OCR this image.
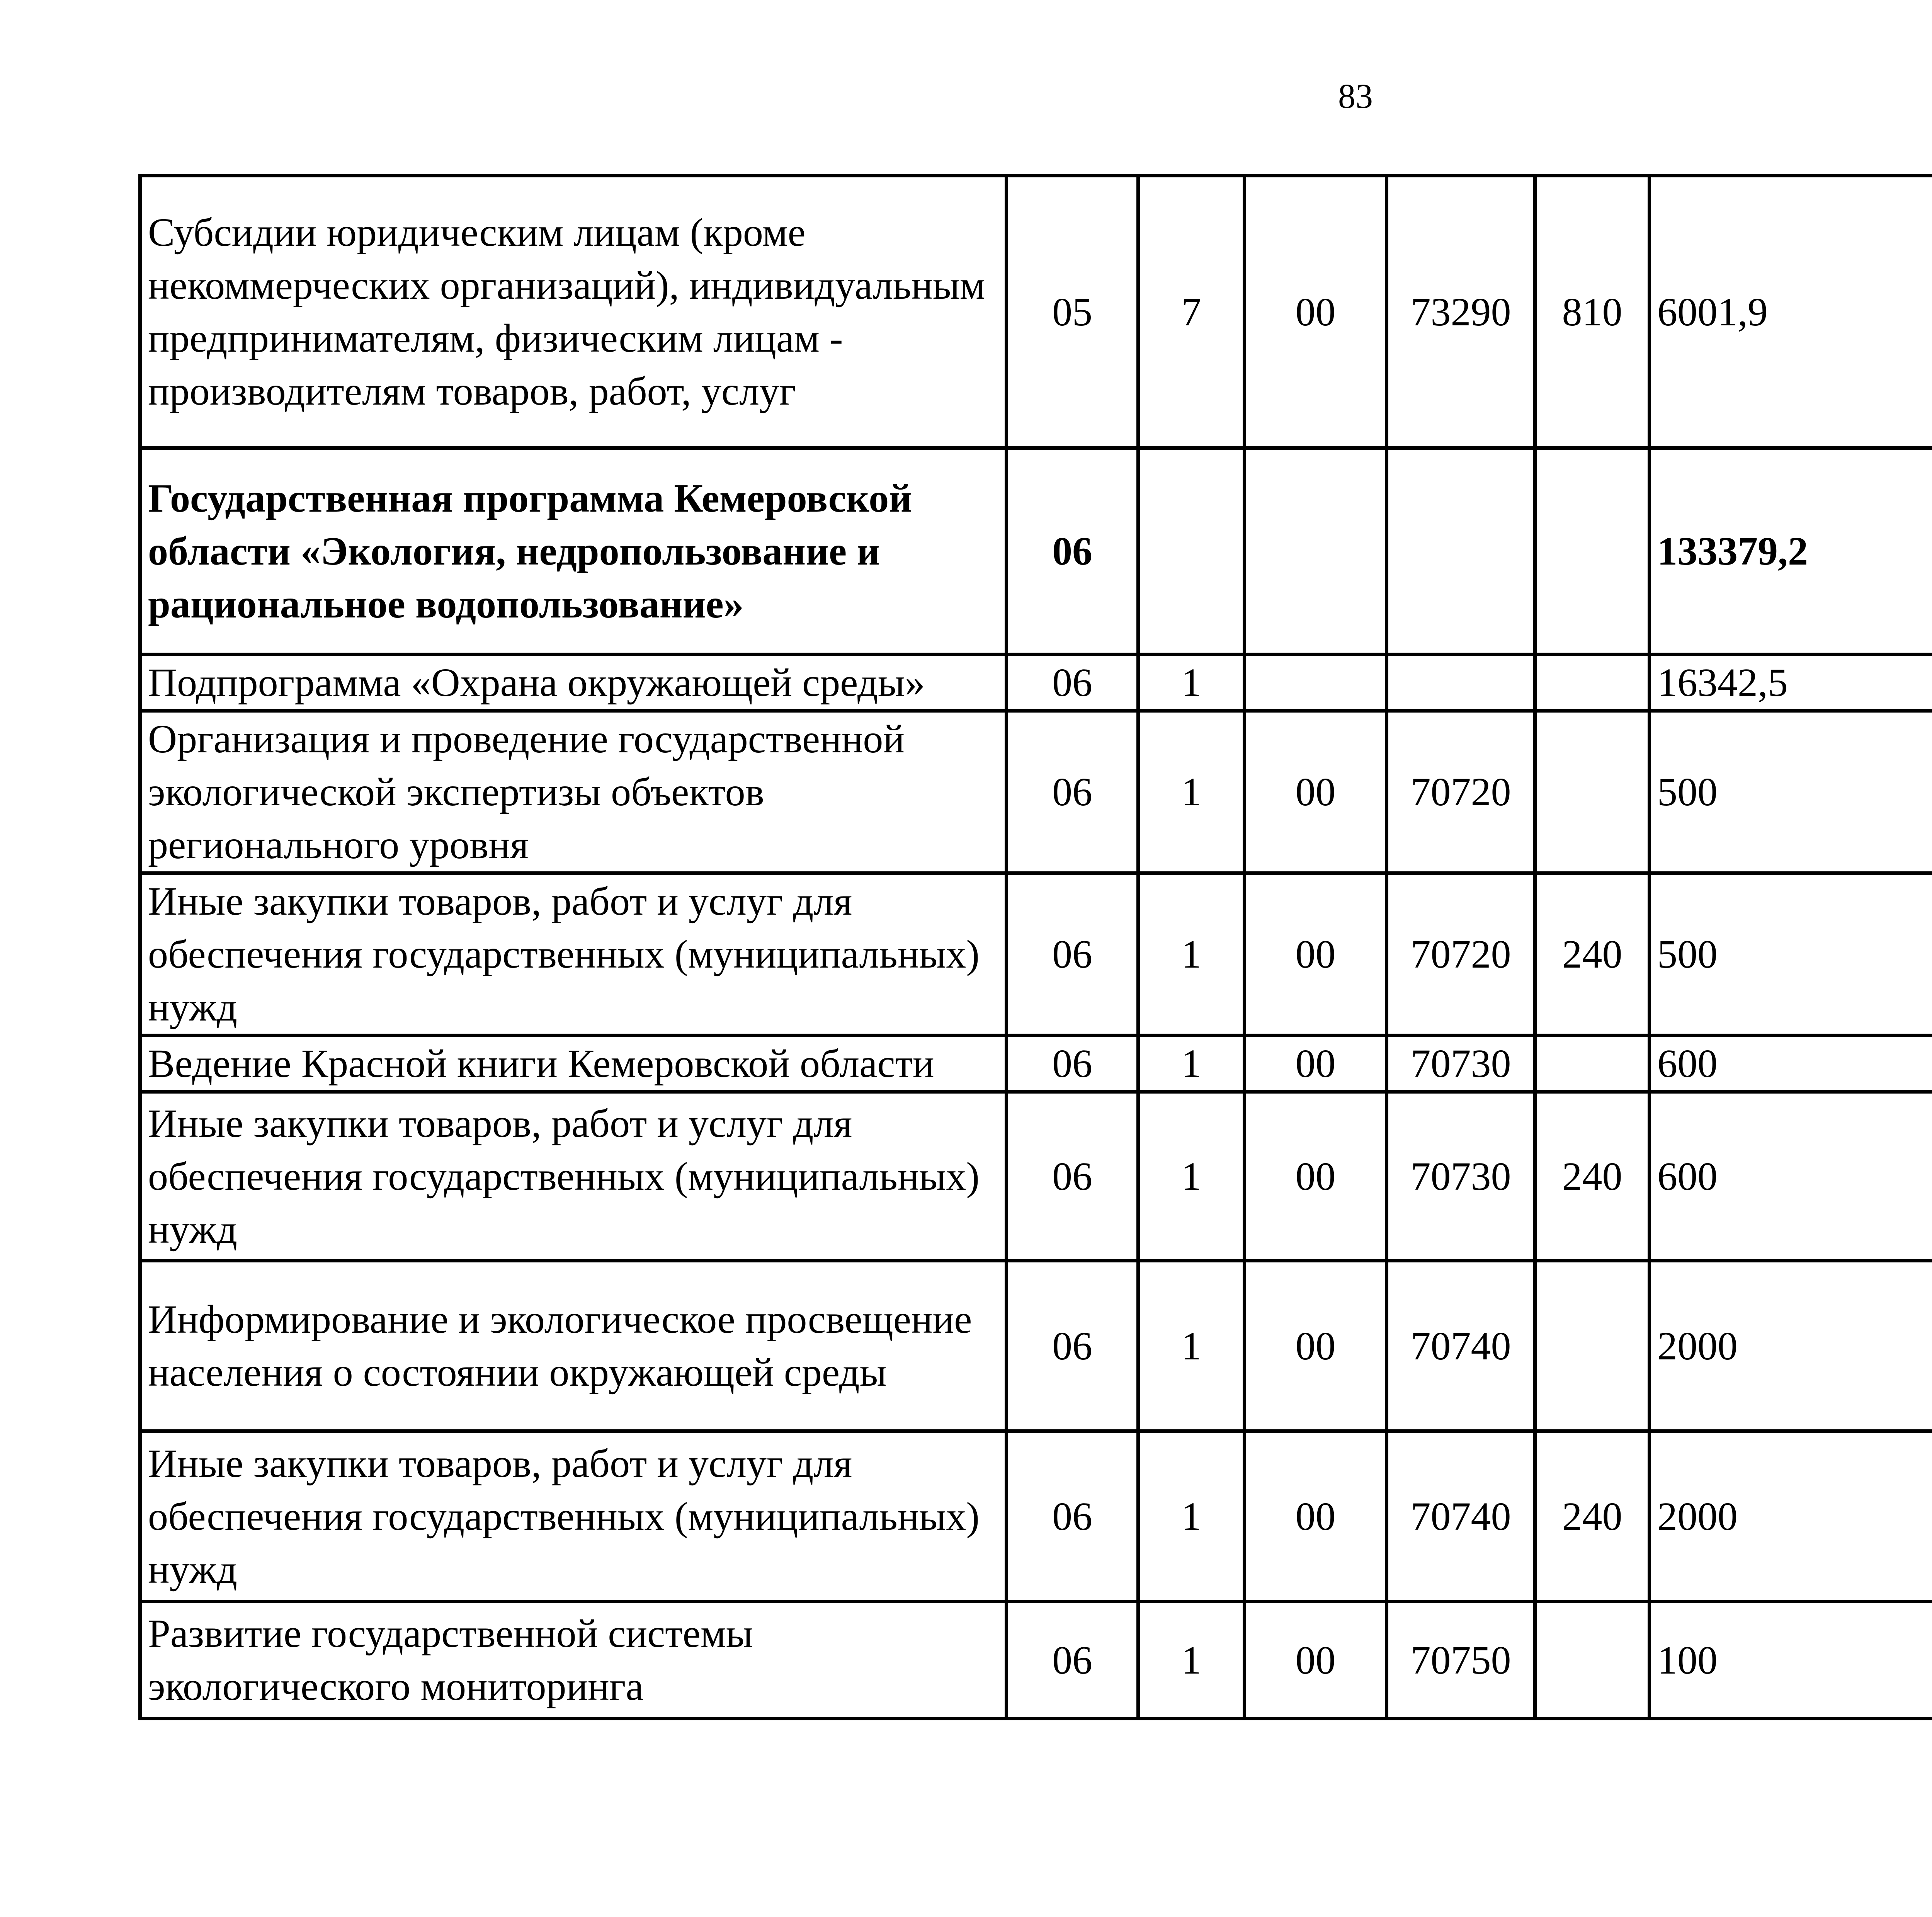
83
Субсидии юридическим лицам (кроме некоммерческих организаций), индивидуальным предпринимателям, физическим лицам - производителям товаров, работ, услуг	05	7	00	73290	810	6001,9		
Государственная программа Кемеровской области «Экология, недропользование и рациональное водопользование»	06					133379,2		
Подпрограмма «Охрана окружающей среды»	06	1				16342,5		
Организация и проведение государственной экологической экспертизы объектов регионального уровня	06	1	00	70720		500		
Иные закупки товаров, работ и услуг для обеспечения государственных (муниципальных) нужд	06	1	00	70720	240	500		
Ведение Красной книги Кемеровской области	06	1	00	70730		600		
Иные закупки товаров, работ и услуг для обеспечения государственных (муниципальных) нужд	06	1	00	70730	240	600		
Информирование и экологическое просвещение населения о состоянии окружающей среды	06	1	00	70740		2000		
Иные закупки товаров, работ и услуг для обеспечения государственных (муниципальных) нужд	06	1	00	70740	240	2000		
Развитие государственной системы экологического мониторинга	06	1	00	70750		100		
